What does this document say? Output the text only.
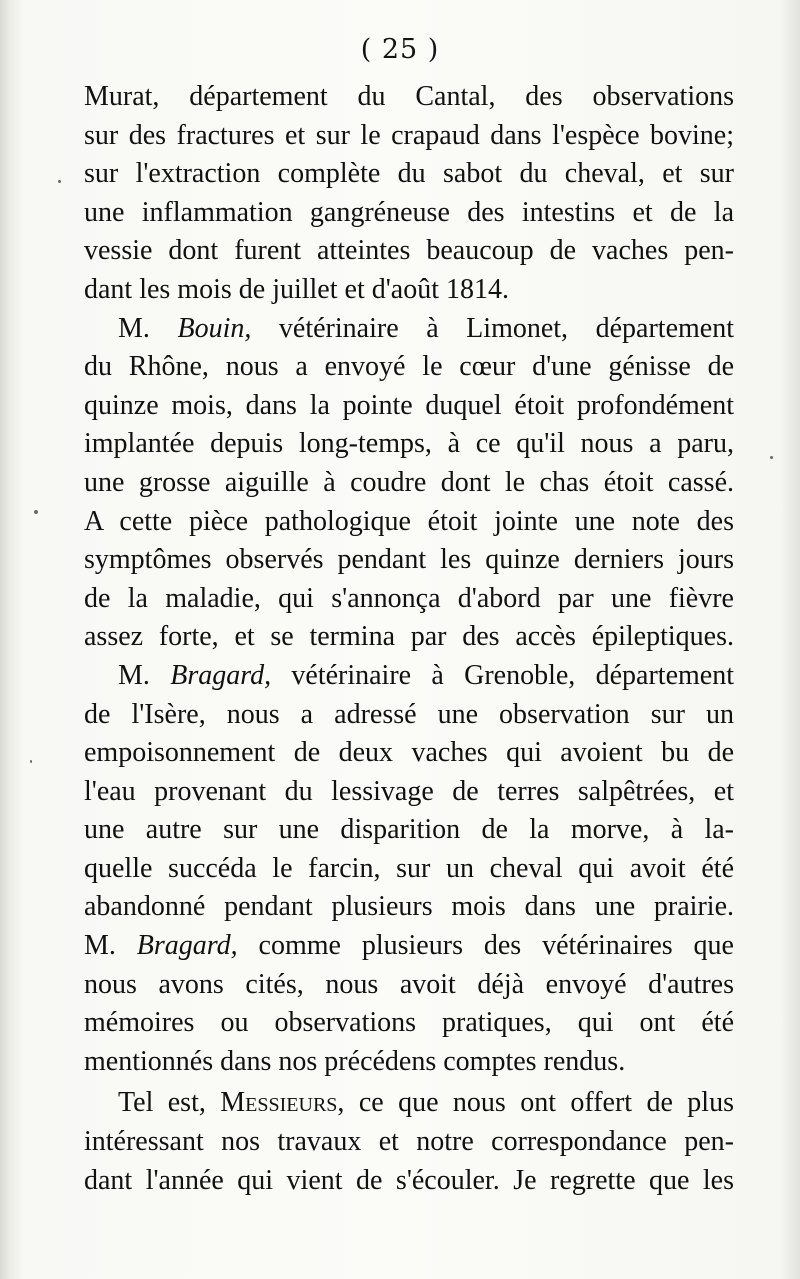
( 25 )
Murat, département du Cantal, des observations
sur des fractures et sur le crapaud dans l'espèce bovine;
sur l'extraction complète du sabot du cheval, et sur
une inflammation gangréneuse des intestins et de la
vessie dont furent atteintes beaucoup de vaches pen-
dant les mois de juillet et d'août 1814.
M. Bouin, vétérinaire à Limonet, département
du Rhône, nous a envoyé le cœur d'une génisse de
quinze mois, dans la pointe duquel étoit profondément
implantée depuis long-temps, à ce qu'il nous a paru,
une grosse aiguille à coudre dont le chas étoit cassé.
A cette pièce pathologique étoit jointe une note des
symptômes observés pendant les quinze derniers jours
de la maladie, qui s'annonça d'abord par une fièvre
assez forte, et se termina par des accès épileptiques.
M. Bragard, vétérinaire à Grenoble, département
de l'Isère, nous a adressé une observation sur un
empoisonnement de deux vaches qui avoient bu de
l'eau provenant du lessivage de terres salpêtrées, et
une autre sur une disparition de la morve, à la-
quelle succéda le farcin, sur un cheval qui avoit été
abandonné pendant plusieurs mois dans une prairie.
M. Bragard, comme plusieurs des vétérinaires que
nous avons cités, nous avoit déjà envoyé d'autres
mémoires ou observations pratiques, qui ont été
mentionnés dans nos précédens comptes rendus.
Tel est, Messieurs, ce que nous ont offert de plus
intéressant nos travaux et notre correspondance pen-
dant l'année qui vient de s'écouler. Je regrette que les
